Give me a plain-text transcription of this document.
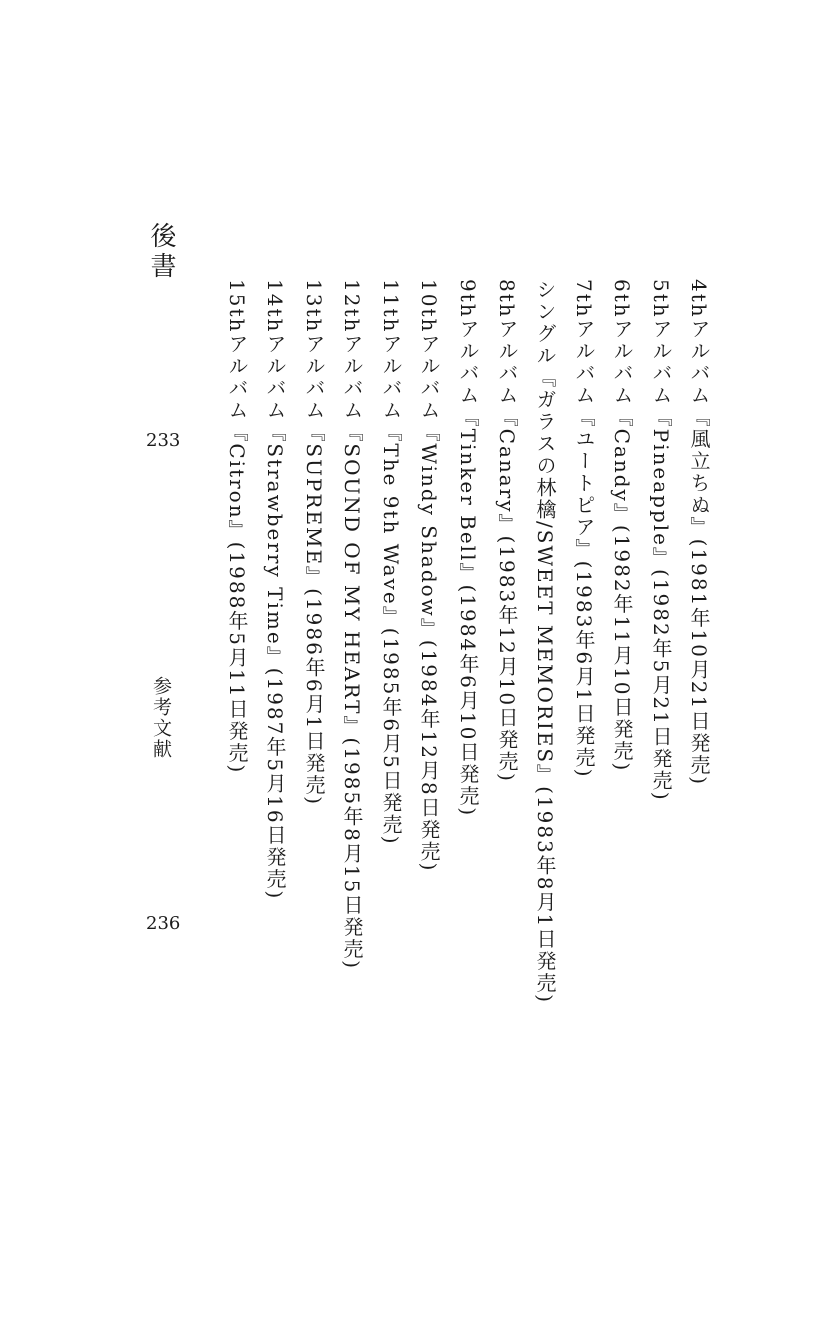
4thアルバム『風立ちぬ』(1981年10月21日発売)
5thアルバム『Pineapple』(1982年5月21日発売)
6thアルバム『Candy』(1982年11月10日発売)
7thアルバム『ユートピア』(1983年6月1日発売)
シングル『ガラスの林檎/SWEET MEMORIES』(1983年8月1日発売)
8thアルバム『Canary』(1983年12月10日発売)
9thアルバム『Tinker Bell』(1984年6月10日発売)
10thアルバム『Windy Shadow』(1984年12月8日発売)
11thアルバム『The 9th Wave』(1985年6月5日発売)
12thアルバム『SOUND OF MY HEART』(1985年8月15日発売)
13thアルバム『SUPREME』(1986年6月1日発売)
14thアルバム『Strawberry Time』(1987年5月16日発売)
15thアルバム『Citron』(1988年5月11日発売)
後書
233
参考文献
236
